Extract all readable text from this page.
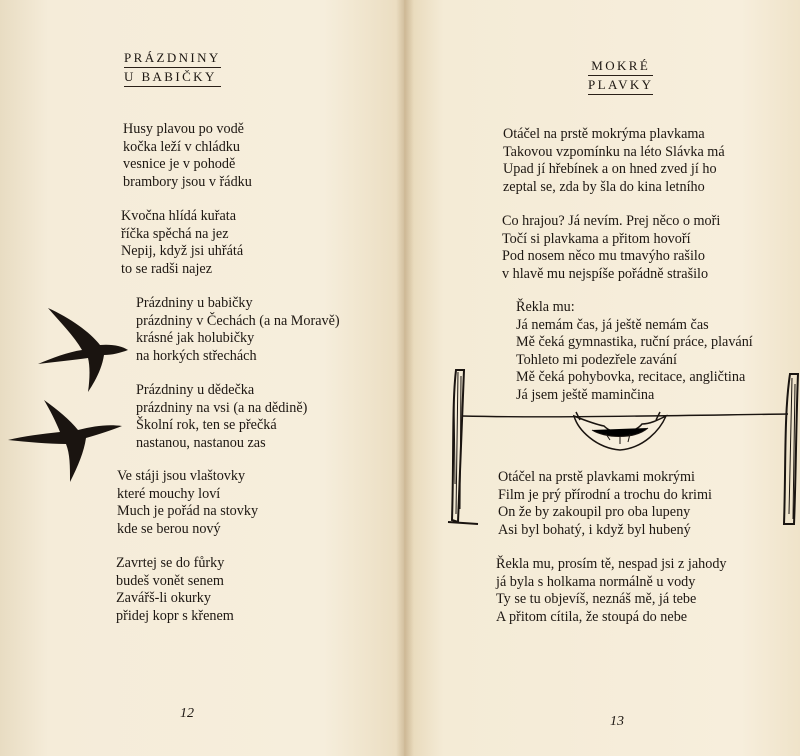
PRÁZDNINY
U BABIČKY
Husy plavou po vodě
kočka leží v chládku
vesnice je v pohodě
brambory jsou v řádku
Kvočna hlídá kuřata
říčka spěchá na jez
Nepij, když jsi uhřátá
to se radši najez
Prázdniny u babičky
prázdniny v Čechách (a na Moravě)
krásné jak holubičky
na horkých střechách
Prázdniny u dědečka
prázdniny na vsi (a na dědině)
Školní rok, ten se přečká
nastanou, nastanou zas
Ve stáji jsou vlaštovky
které mouchy loví
Much je pořád na stovky
kde se berou nový
Zavrtej se do fůrky
budeš vonět senem
Zavářš-li okurky
přidej kopr s křenem
12
MOKRÉ
PLAVKY
Otáčel na prstě mokrýma plavkama
Takovou vzpomínku na léto Slávka má
Upad jí hřebínek a on hned zved jí ho
zeptal se, zda by šla do kina letního
Co hrajou? Já nevím. Prej něco o moři
Točí si plavkama a přitom hovoří
Pod nosem něco mu tmavýho rašilo
v hlavě mu nejspíše pořádně strašilo
Řekla mu:
Já nemám čas, já ještě nemám čas
Mě čeká gymnastika, ruční práce, plavání
Tohleto mi podezřele zavání
Mě čeká pohybovka, recitace, angličtina
Já jsem ještě maminčina
Otáčel na prstě plavkami mokrými
Film je prý přírodní a trochu do krimi
On že by zakoupil pro oba lupeny
Asi byl bohatý, i když byl hubený
Řekla mu, prosím tě, nespad jsi z jahody
já byla s holkama normálně u vody
Ty se tu objevíš, neznáš mě, já tebe
A přitom cítila, že stoupá do nebe
13
